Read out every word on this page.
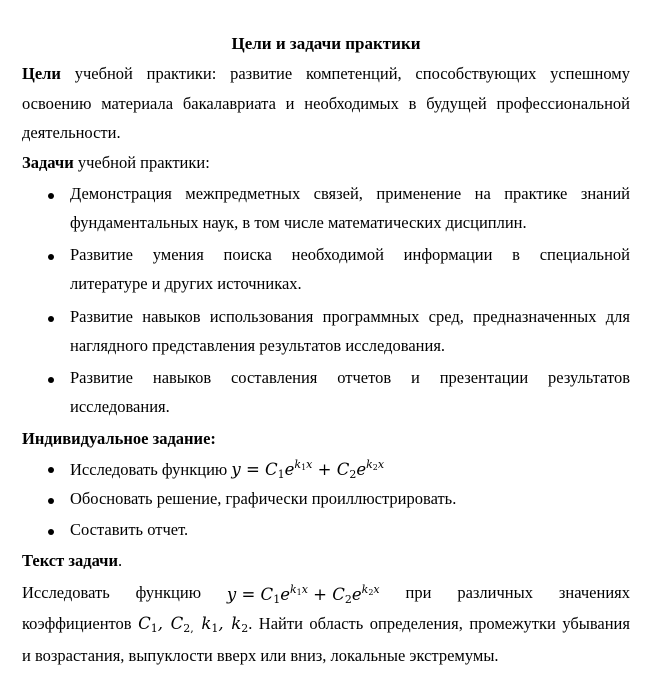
Цели и задачи практики
Цели учебной практики: развитие компетенций, способствующих успешному
освоению материала бакалавриата и необходимых в будущей профессиональной
деятельности.
Задачи учебной практики:
Демонстрация межпредметных связей, применение на практике знаний
фундаментальных наук, в том числе математических дисциплин.
Развитие умения поиска необходимой информации в специальной
литературе и других источниках.
Развитие навыков использования программных сред, предназначенных для
наглядного представления результатов исследования.
Развитие навыков составления отчетов и презентации результатов
исследования.
Индивидуальное задание:
Исследовать функцию $y = C_1e^{k_1x} + C_2e^{k_2x}$
Обосновать решение, графически проиллюстрировать.
Составить отчет.
Текст задачи.
Исследовать функцию $y = C_1e^{k_1x} + C_2e^{k_2x}$ при различных значениях
коэффициентов $C_1$, $C_{2,}$ $k_1$, $k_2$. Найти область определения, промежутки убывания
и возрастания, выпуклости вверх или вниз, локальные экстремумы.
